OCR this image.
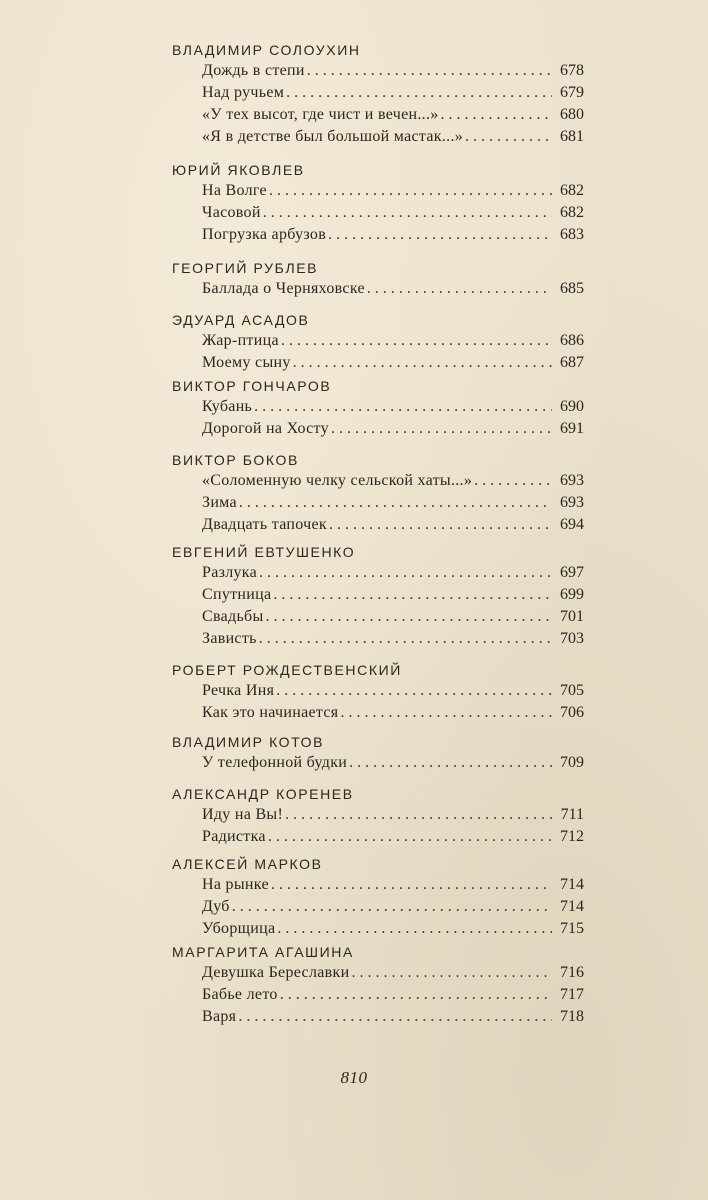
ВЛАДИМИР СОЛОУХИН
Дождь в степи . . .	678
Над ручьем . . .	679
«У тех высот, где чист и вечен...» . . .	680
«Я в детстве был большой мастак...» . . .	681
ЮРИЙ ЯКОВЛЕВ
На Волге . . .	682
Часовой . . .	682
Погрузка арбузов . . .	683
ГЕОРГИЙ РУБЛЕВ
Баллада о Черняховске . . .	685
ЭДУАРД АСАДОВ
Жар-птица . . .	686
Моему сыну . . .	687
ВИКТОР ГОНЧАРОВ
Кубань . . .	690
Дорогой на Хосту . . .	691
ВИКТОР БОКОВ
«Соломенную челку сельской хаты...» . . .	693
Зима . . .	693
Двадцать тапочек . . .	694
ЕВГЕНИЙ ЕВТУШЕНКО
Разлука . . .	697
Спутница . . .	699
Свадьбы . . .	701
Зависть . . .	703
РОБЕРТ РОЖДЕСТВЕНСКИЙ
Речка Иня . . .	705
Как это начинается . . .	706
ВЛАДИМИР КОТОВ
У телефонной будки . . .	709
АЛЕКСАНДР КОРЕНЕВ
Иду на Вы! . . .	711
Радистка . . .	712
АЛЕКСЕЙ МАРКОВ
На рынке . . .	714
Дуб . . .	714
Уборщица . . .	715
МАРГАРИТА АГАШИНА
Девушка Береславки . . .	716
Бабье лето . . .	717
Варя . . .	718
810
